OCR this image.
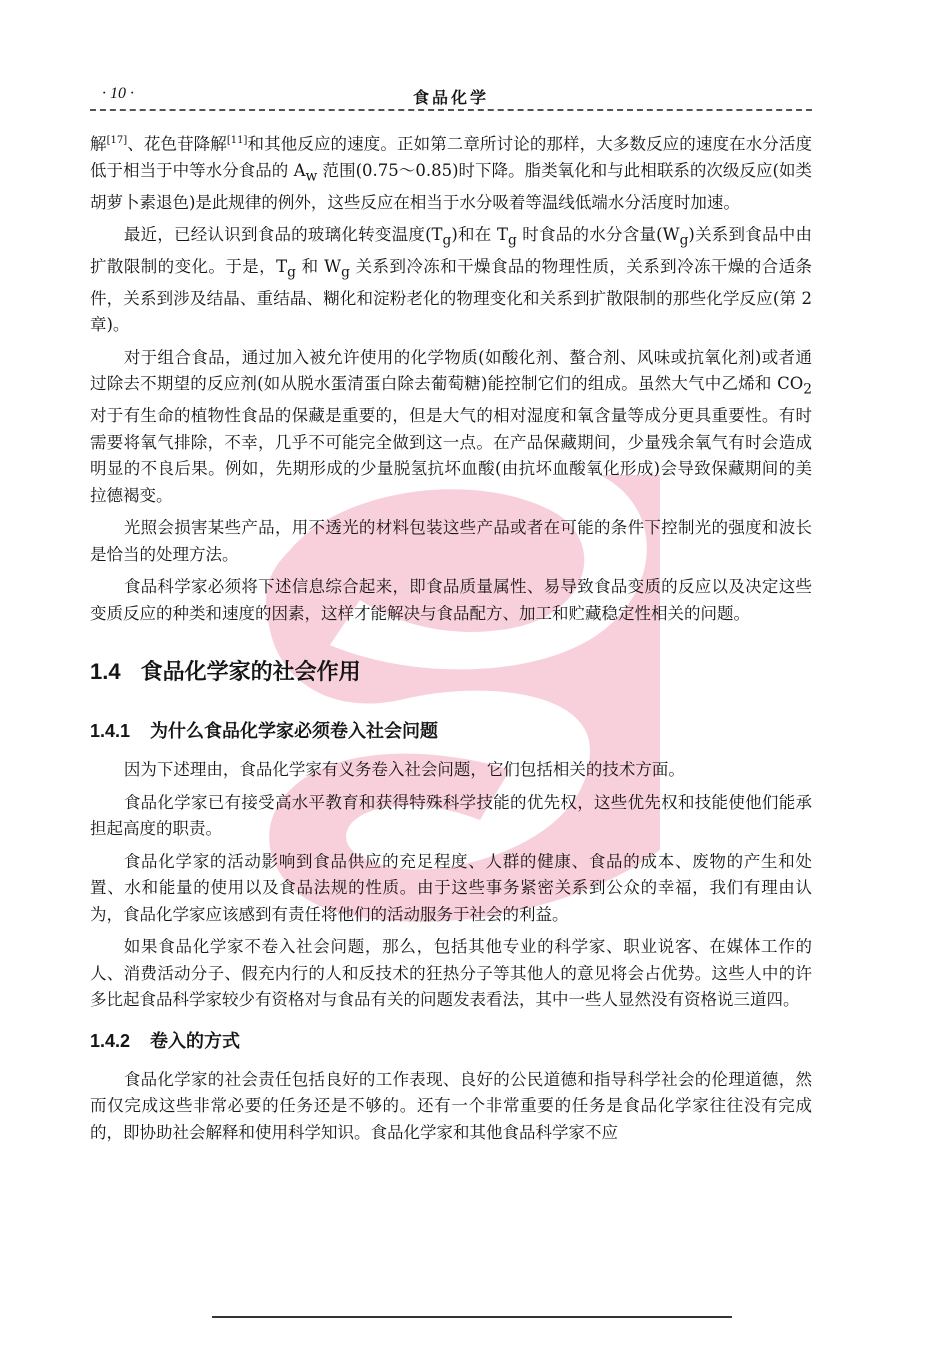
· 10 ·	食品化学

解[17]、花色苷降解[11]和其他反应的速度。正如第二章所讨论的那样，大多数反应的速度在水分活度低于相当于中等水分食品的 $A_w$ 范围(0.75～0.85)时下降。脂类氧化和与此相联系的次级反应(如类胡萝卜素退色)是此规律的例外，这些反应在相当于水分吸着等温线低端水分活度时加速。

最近，已经认识到食品的玻璃化转变温度$(T_g)$和在 $T_g$ 时食品的水分含量$(W_g)$关系到食品中由扩散限制的变化。于是，$T_g$ 和 $W_g$ 关系到冷冻和干燥食品的物理性质，关系到冷冻干燥的合适条件，关系到涉及结晶、重结晶、糊化和淀粉老化的物理变化和关系到扩散限制的那些化学反应(第 2 章)。

对于组合食品，通过加入被允许使用的化学物质(如酸化剂、螯合剂、风味或抗氧化剂)或者通过除去不期望的反应剂(如从脱水蛋清蛋白除去葡萄糖)能控制它们的组成。虽然大气中乙烯和 $CO_2$ 对于有生命的植物性食品的保藏是重要的，但是大气的相对湿度和氧含量等成分更具重要性。有时需要将氧气排除，不幸，几乎不可能完全做到这一点。在产品保藏期间，少量残余氧气有时会造成明显的不良后果。例如，先期形成的少量脱氢抗坏血酸(由抗坏血酸氧化形成)会导致保藏期间的美拉德褐变。

光照会损害某些产品，用不透光的材料包装这些产品或者在可能的条件下控制光的强度和波长是恰当的处理方法。

食品科学家必须将下述信息综合起来，即食品质量属性、易导致食品变质的反应以及决定这些变质反应的种类和速度的因素，这样才能解决与食品配方、加工和贮藏稳定性相关的问题。

1.4 食品化学家的社会作用
1.4.1 为什么食品化学家必须卷入社会问题

因为下述理由，食品化学家有义务卷入社会问题，它们包括相关的技术方面。

食品化学家已有接受高水平教育和获得特殊科学技能的优先权，这些优先权和技能使他们能承担起高度的职责。

食品化学家的活动影响到食品供应的充足程度、人群的健康、食品的成本、废物的产生和处置、水和能量的使用以及食品法规的性质。由于这些事务紧密关系到公众的幸福，我们有理由认为，食品化学家应该感到有责任将他们的活动服务于社会的利益。

如果食品化学家不卷入社会问题，那么，包括其他专业的科学家、职业说客、在媒体工作的人、消费活动分子、假充内行的人和反技术的狂热分子等其他人的意见将会占优势。这些人中的许多比起食品科学家较少有资格对与食品有关的问题发表看法，其中一些人显然没有资格说三道四。

1.4.2 卷入的方式

食品化学家的社会责任包括良好的工作表现、良好的公民道德和指导科学社会的伦理道德，然而仅完成这些非常必要的任务还是不够的。还有一个非常重要的任务是食品化学家往往没有完成的，即协助社会解释和使用科学知识。食品化学家和其他食品科学家不应
